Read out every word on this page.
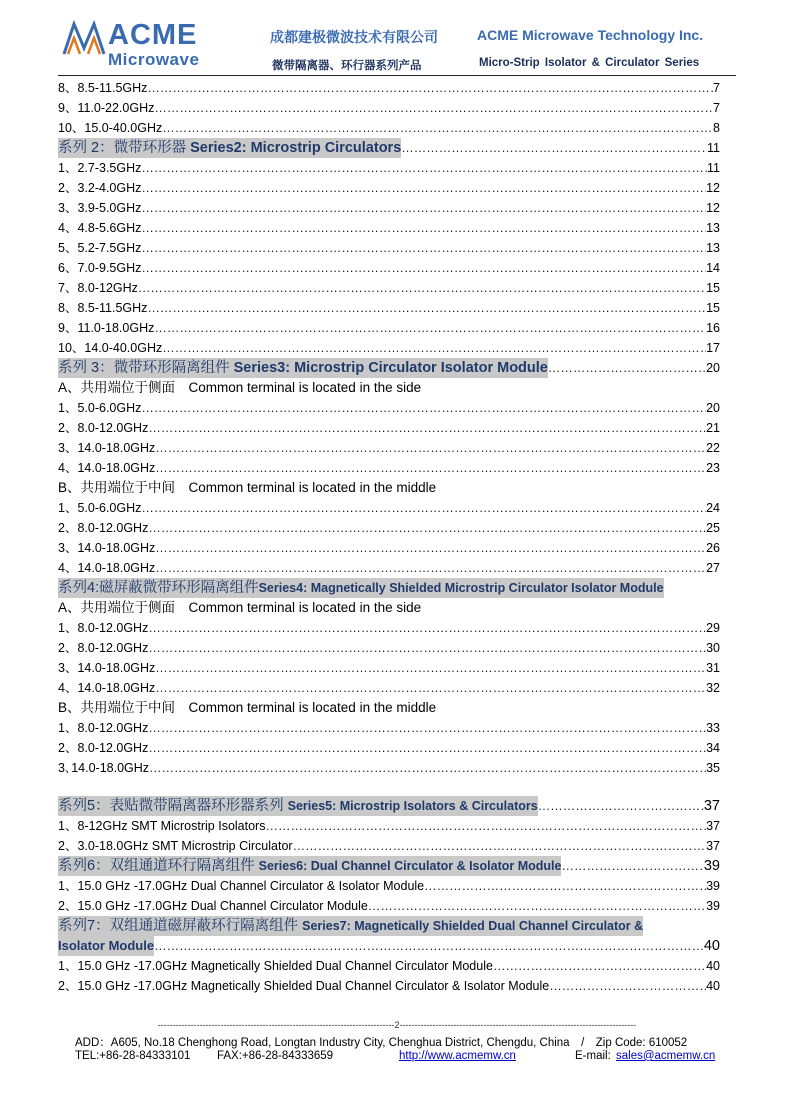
ACME
Microwave
成都建极微波技术有限公司	ACME Microwave Technology Inc.
微带隔离器、环行器系列产品	Micro-Strip Isolator & Circulator Series
8、8.5-11.5GHz ……………………………………………………………………………………………………………………………………………………………………………………………………………………………	7
9、11.0-22.0GHz ……………………………………………………………………………………………………………………………………………………………………………………………………………………………	7
10、15.0-40.0GHz ……………………………………………………………………………………………………………………………………………………………………………………………………………………………	8
系列 2：微带环形器 Series2: Microstrip Circulators ……………………………………………………………………………………………………………………………………………………………………………………………………………………………	11
1、2.7-3.5GHz ……………………………………………………………………………………………………………………………………………………………………………………………………………………………	11
2、3.2-4.0GHz ……………………………………………………………………………………………………………………………………………………………………………………………………………………………	12
3、3.9-5.0GHz ……………………………………………………………………………………………………………………………………………………………………………………………………………………………	12
4、4.8-5.6GHz ……………………………………………………………………………………………………………………………………………………………………………………………………………………………	13
5、5.2-7.5GHz ……………………………………………………………………………………………………………………………………………………………………………………………………………………………	13
6、7.0-9.5GHz ……………………………………………………………………………………………………………………………………………………………………………………………………………………………	14
7、8.0-12GHz ……………………………………………………………………………………………………………………………………………………………………………………………………………………………	15
8、8.5-11.5GHz ……………………………………………………………………………………………………………………………………………………………………………………………………………………………	15
9、11.0-18.0GHz ……………………………………………………………………………………………………………………………………………………………………………………………………………………………	16
10、14.0-40.0GHz ……………………………………………………………………………………………………………………………………………………………………………………………………………………………	17
系列 3：微带环形隔离组件 Series3: Microstrip Circulator Isolator Module ……………………………………………………………………………………………………………………………………………………………………………………………………………………………	20
A、共用端位于侧面　Common terminal is located in the side
1、5.0-6.0GHz ……………………………………………………………………………………………………………………………………………………………………………………………………………………………	20
2、8.0-12.0GHz ……………………………………………………………………………………………………………………………………………………………………………………………………………………………	21
3、14.0-18.0GHz ……………………………………………………………………………………………………………………………………………………………………………………………………………………………	22
4、14.0-18.0GHz ……………………………………………………………………………………………………………………………………………………………………………………………………………………………	23
B、共用端位于中间　Common terminal is located in the middle
1、5.0-6.0GHz ……………………………………………………………………………………………………………………………………………………………………………………………………………………………	24
2、8.0-12.0GHz ……………………………………………………………………………………………………………………………………………………………………………………………………………………………	25
3、14.0-18.0GHz ……………………………………………………………………………………………………………………………………………………………………………………………………………………………	26
4、14.0-18.0GHz ……………………………………………………………………………………………………………………………………………………………………………………………………………………………	27
系列4:磁屏蔽微带环形隔离组件Series4: Magnetically Shielded Microstrip Circulator Isolator Module
A、共用端位于侧面　Common terminal is located in the side
1、8.0-12.0GHz ……………………………………………………………………………………………………………………………………………………………………………………………………………………………	29
2、8.0-12.0GHz ……………………………………………………………………………………………………………………………………………………………………………………………………………………………	30
3、14.0-18.0GHz ……………………………………………………………………………………………………………………………………………………………………………………………………………………………	31
4、14.0-18.0GHz ……………………………………………………………………………………………………………………………………………………………………………………………………………………………	32
B、共用端位于中间　Common terminal is located in the middle
1、8.0-12.0GHz ……………………………………………………………………………………………………………………………………………………………………………………………………………………………	33
2、8.0-12.0GHz ……………………………………………………………………………………………………………………………………………………………………………………………………………………………	34
3､14.0-18.0GHz ……………………………………………………………………………………………………………………………………………………………………………………………………………………………	35
系列5：表贴微带隔离器环形器系列 Series5: Microstrip Isolators & Circulators ……………………………………………………………………………………………………………………………………………………………………………………………………………………………	37
1、8-12GHz SMT Microstrip Isolators ……………………………………………………………………………………………………………………………………………………………………………………………………………………………	37
2、3.0-18.0GHz SMT Microstrip Circulator ……………………………………………………………………………………………………………………………………………………………………………………………………………………………	37
系列6：双组通道环行隔离组件 Series6: Dual Channel Circulator & Isolator Module ……………………………………………………………………………………………………………………………………………………………………………………………………………………………	39
1、15.0 GHz -17.0GHz Dual Channel Circulator & Isolator Module ……………………………………………………………………………………………………………………………………………………………………………………………………………………………	39
2、15.0 GHz -17.0GHz Dual Channel Circulator Module ……………………………………………………………………………………………………………………………………………………………………………………………………………………………	39
系列7：双组通道磁屏蔽环行隔离组件 Series7: Magnetically Shielded Dual Channel Circulator &
Isolator Module ……………………………………………………………………………………………………………………………………………………………………………………………………………………………	40
1、15.0 GHz -17.0GHz Magnetically Shielded Dual Channel Circulator Module ……………………………………………………………………………………………………………………………………………………………………………………………………………………………	40
2、15.0 GHz -17.0GHz Magnetically Shielded Dual Channel Circulator & Isolator Module ……………………………………………………………………………………………………………………………………………………………………………………………………………………………	40
-------------------------------------------------------------------------------2-------------------------------------------------------------------------------
ADD：A605, No.18 Chenghong Road, Longtan Industry City, Chenghua District, Chengdu, China　/　Zip Code: 610052
TEL:+86-28-84333101 FAX:+86-28-84333659	http://www.acmemw.cn	E-mail: sales@acmemw.cn
